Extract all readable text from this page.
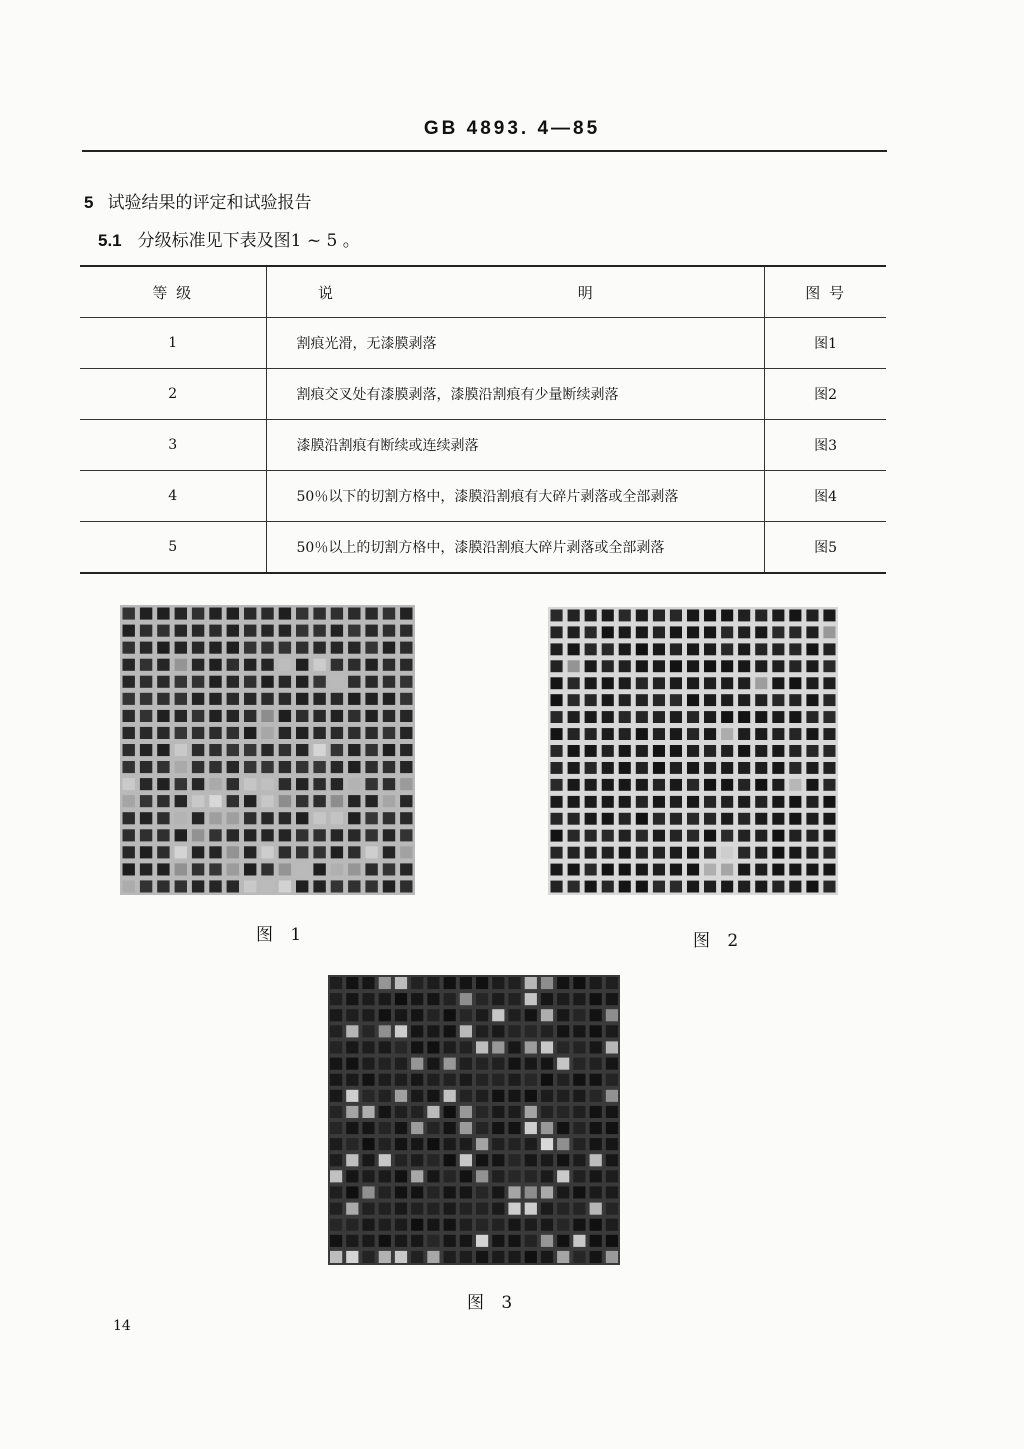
GB 4893. 4—85
5 试验结果的评定和试验报告
5.1 分级标准见下表及图1 ~ 5 。
等 级	说 明	图 号
1	割痕光滑，无漆膜剥落	图1
2	割痕交叉处有漆膜剥落，漆膜沿割痕有少量断续剥落	图2
3	漆膜沿割痕有断续或连续剥落	图3
4	50％以下的切割方格中，漆膜沿割痕有大碎片剥落或全部剥落	图4
5	50％以上的切割方格中，漆膜沿割痕大碎片剥落或全部剥落	图5
图 1	图 2
图 3
14
